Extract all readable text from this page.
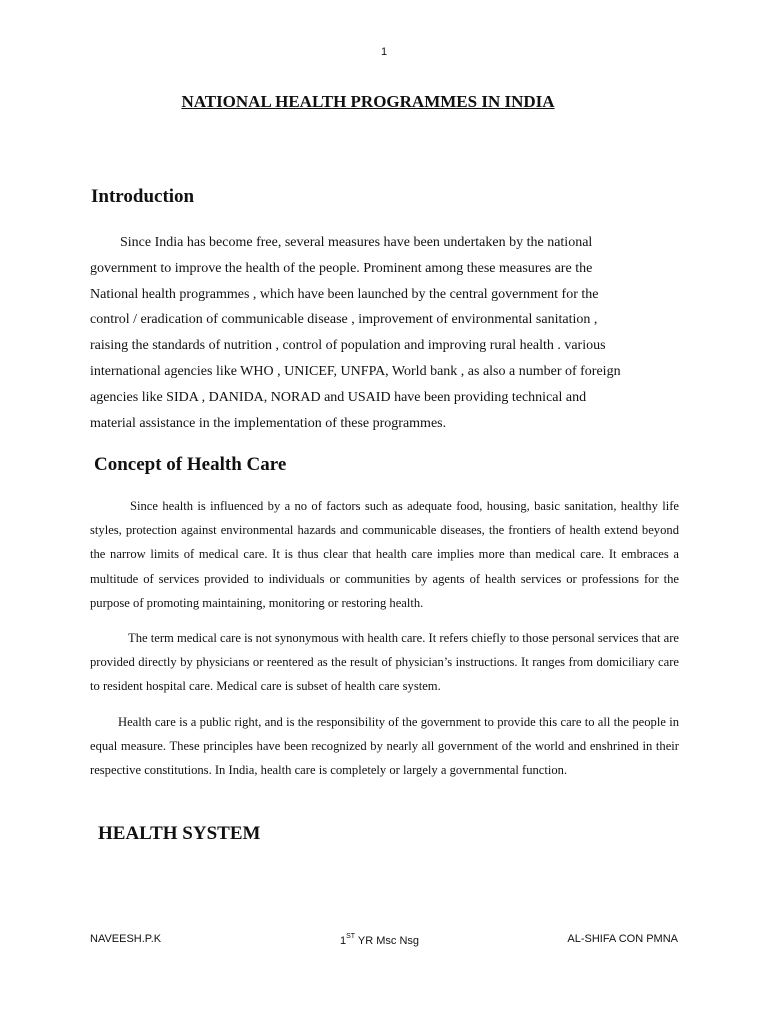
1
NATIONAL HEALTH PROGRAMMES IN INDIA
Introduction

Since India has become free, several measures have been undertaken by the national
government to improve the health of the people. Prominent among these measures are the
National health programmes , which have been launched by the central government for the
control / eradication of communicable disease , improvement of environmental sanitation ,
raising the standards of nutrition , control of population and improving rural health . various
international agencies like WHO , UNICEF, UNFPA, World bank , as also a number of foreign
agencies like SIDA , DANIDA, NORAD and USAID have been providing technical and
material assistance in the implementation of these programmes.

Concept of Health Care

Since health is influenced by a no of factors such as adequate food, housing, basic sanitation, healthy life styles, protection against environmental hazards and communicable diseases, the frontiers of health extend beyond the narrow limits of medical care. It is thus clear that health care implies more than medical care. It embraces a multitude of services provided to individuals or communities by agents of health services or professions for the purpose of promoting maintaining, monitoring or restoring health.

The term medical care is not synonymous with health care. It refers chiefly to those personal services that are provided directly by physicians or reentered as the result of physician’s instructions. It ranges from domiciliary care to resident hospital care. Medical care is subset of health care system.

Health care is a public right, and is the responsibility of the government to provide this care to all the people in equal measure. These principles have been recognized by nearly all government of the world and enshrined in their respective constitutions. In India, health care is completely or largely a governmental function.

HEALTH SYSTEM
NAVEESH.P.K	1ST YR Msc Nsg	AL-SHIFA CON PMNA
